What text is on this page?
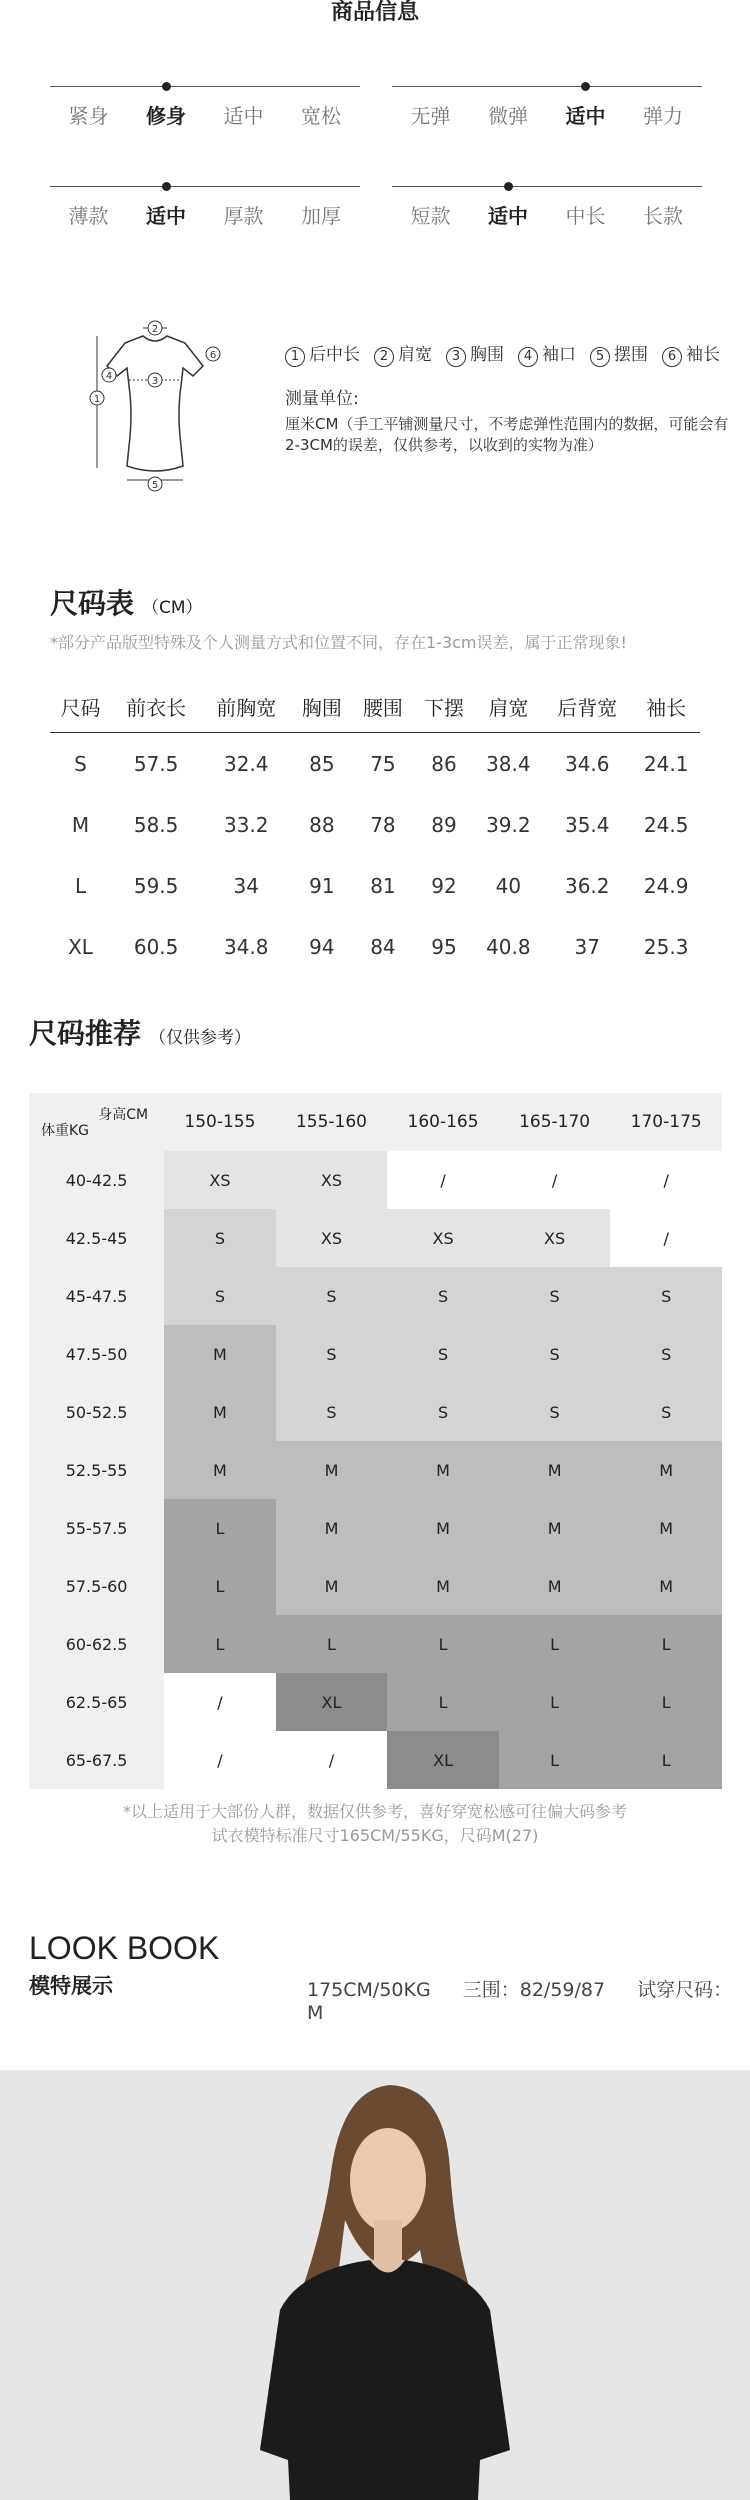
商品信息
紧身	修身	适中	宽松	无弹	微弹	适中	弹力
薄款	适中	厚款	加厚	短款	适中	中长	长款
2
1
3
4
5
6	1 后中长 2 肩宽 3 胸围 4 袖口 5 摆围 6 袖长
测量单位:
厘米CM（手工平铺测量尺寸，不考虑弹性范围内的数据，可能会有2-3CM的误差，仅供参考，以收到的实物为准）
尺码表 （CM）
*部分产品版型特殊及个人测量方式和位置不同，存在1-3cm误差，属于正常现象!
尺码	前衣长	前胸宽	胸围	腰围	下摆	肩宽	后背宽	袖长
S	57.5	32.4	85	75	86	38.4	34.6	24.1
M	58.5	33.2	88	78	89	39.2	35.4	24.5
L	59.5	34	91	81	92	40	36.2	24.9
XL	60.5	34.8	94	84	95	40.8	37	25.3
尺码推荐 （仅供参考）
身高CM
体重KG	150-155	155-160	160-165	165-170	170-175
40-42.5	XS	XS	/	/	/
42.5-45	S	XS	XS	XS	/
45-47.5	S	S	S	S	S
47.5-50	M	S	S	S	S
50-52.5	M	S	S	S	S
52.5-55	M	M	M	M	M
55-57.5	L	M	M	M	M
57.5-60	L	M	M	M	M
60-62.5	L	L	L	L	L
62.5-65	/	XL	L	L	L
65-67.5	/	/	XL	L	L
*以上适用于大部份人群，数据仅供参考，喜好穿宽松感可往偏大码参考
试衣模特标准尺寸165CM/55KG，尺码M(27)
LOOK BOOK
模特展示	175CM/50KG 三围：82/59/87 试穿尺码：M
